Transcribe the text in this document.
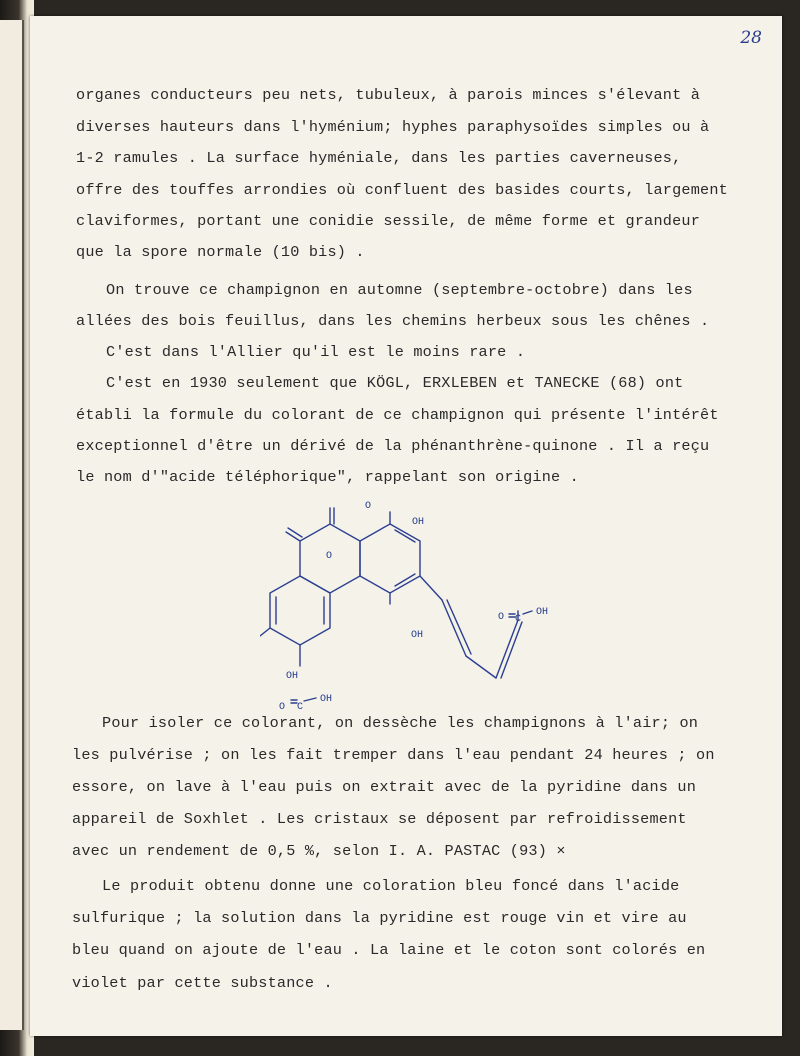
28
organes conducteurs peu nets, tubuleux, à parois minces s'élevant à
diverses hauteurs dans l'hyménium; hyphes paraphysoïdes simples ou à
1-2 ramules . La surface hyméniale, dans les parties caverneuses,
offre des touffes arrondies où confluent des basides courts, largement
claviformes, portant une conidie sessile, de même forme et grandeur
que la spore normale (10 bis) .
On trouve ce champignon en automne (septembre-octobre) dans les
allées des bois feuillus, dans les chemins herbeux sous les chênes .
C'est dans l'Allier qu'il est le moins rare .
C'est en 1930 seulement que KÖGL, ERXLEBEN et TANECKE (68) ont
établi la formule du colorant de ce champignon qui présente l'intérêt
exceptionnel d'être un dérivé de la phénanthrène-quinone . Il a reçu
le nom d'"acide téléphorique", rappelant son origine .
O
O
OH
OH
OH
O C
OH
O C
OH
Pour isoler ce colorant, on dessèche les champignons à l'air; on
les pulvérise ; on les fait tremper dans l'eau pendant 24 heures ; on
essore, on lave à l'eau puis on extrait avec de la pyridine dans un
appareil de Soxhlet . Les cristaux se déposent par refroidissement
avec un rendement de 0,5 %, selon I. A. PASTAC (93) ×
Le produit obtenu donne une coloration bleu foncé dans l'acide
sulfurique ; la solution dans la pyridine est rouge vin et vire au
bleu quand on ajoute de l'eau . La laine et le coton sont colorés en
violet par cette substance .
